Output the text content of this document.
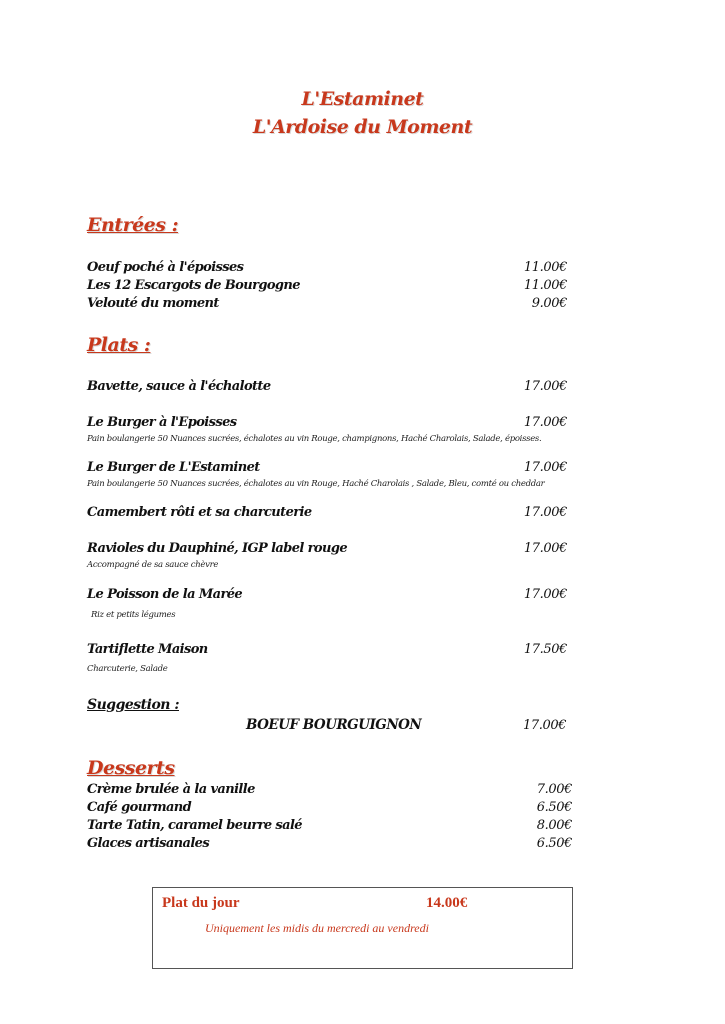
L'Estaminet
L'Ardoise du Moment
Entrées :
Oeuf poché à l'époisses	11.00€
Les 12 Escargots de Bourgogne	11.00€
Velouté du moment	9.00€
Plats :
Bavette, sauce à l'échalotte	17.00€
Le Burger à l'Epoisses	17.00€
Pain boulangerie 50 Nuances sucrées, échalotes au vin Rouge, champignons, Haché Charolais, Salade, époisses.
Le Burger de L'Estaminet	17.00€
Pain boulangerie 50 Nuances sucrées, échalotes au vin Rouge, Haché Charolais , Salade, Bleu, comté ou cheddar
Camembert rôti et sa charcuterie	17.00€
Ravioles du Dauphiné, IGP label rouge	17.00€
Accompagné de sa sauce chèvre
Le Poisson de la Marée	17.00€
Riz et petits légumes
Tartiflette Maison	17.50€
Charcuterie, Salade
Suggestion :
BOEUF BOURGUIGNON	17.00€
Desserts
Crème brulée à la vanille	7.00€
Café gourmand	6.50€
Tarte Tatin, caramel beurre salé	8.00€
Glaces artisanales	6.50€
Plat du jour	14.00€
Uniquement les midis du mercredi au vendredi
